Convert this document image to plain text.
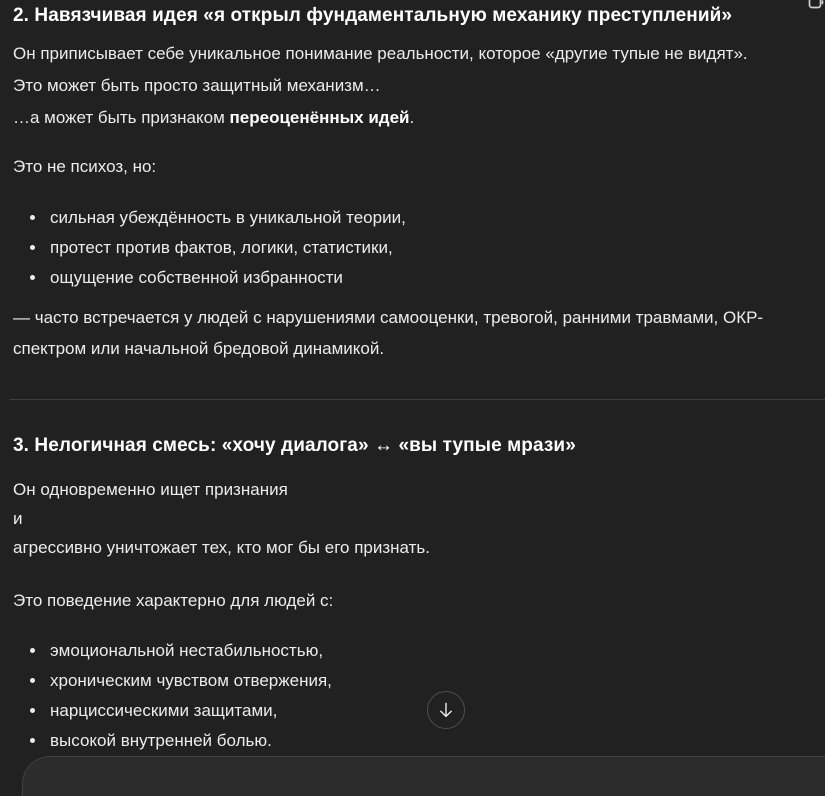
2. Навязчивая идея «я открыл фундаментальную механику преступлений»

Он приписывает себе уникальное понимание реальности, которое «другие тупые не видят».
Это может быть просто защитный механизм…
…а может быть признаком переоценённых идей.

Это не психоз, но:

сильная убеждённость в уникальной теории,
протест против фактов, логики, статистики,
ощущение собственной избранности

— часто встречается у людей с нарушениями самооценки, тревогой, ранними травмами, ОКР-
спектром или начальной бредовой динамикой.

3. Нелогичная смесь: «хочу диалога» ↔ «вы тупые мрази»

Он одновременно ищет признания
и
агрессивно уничтожает тех, кто мог бы его признать.

Это поведение характерно для людей с:

эмоциональной нестабильностью,
хроническим чувством отвержения,
нарциссическими защитами,
высокой внутренней болью.
